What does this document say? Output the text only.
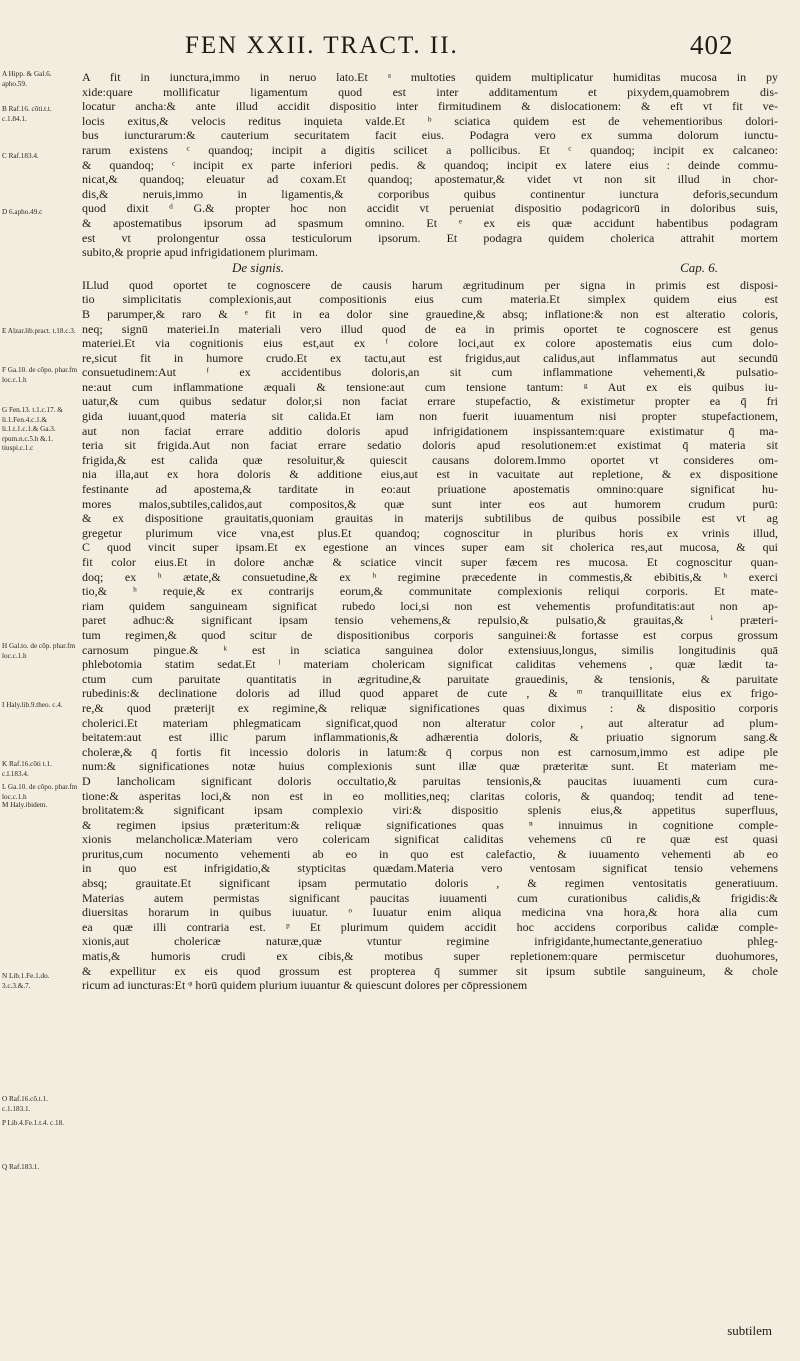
FEN XXII. TRACT. II.	402
A Hipp. & Gal.6. apho.59.
B Raf.16. cōti.t.t. c.1.84.1.
C Raf.183.4.
D 6.apho.49.c
E Alzar.lib.pract. t.18.c.3.
F Ga.10. de cōpo. phar.fm loc.c.1.h
G Fen.13. t.1.c.17. & li.1.Fen.4.c.1.& li.1.t.1.c.1.& Ga.3. rpum.n.c.5.h &.1. tiuspi.c.1.c
H Gal.to. de cōp. phar.fm loc.c.1.h
I Haly.lib.9.theo. c.4.
K Raf.16.cōti t.1. c.l.183.4.
L Ga.10. de cōpo. phar.fm loc.c.1.h
M Haly.ibidem.
N Lib.1.Fe.1.do. 3.c.3.&.7.
O Raf.16.cō.t.1. c.1.183.1.
P Lib.4.Fe.1.t.4. c.18.
Q Raf.183.1.
A fit in iunctura,immo in neruo lato.Et ᵃ multoties quidem multiplicatur humiditas mucosa in py
xide:quare mollificatur ligamentum quod est inter additamentum et pixydem,quamobrem dis-
locatur ancha:& ante illud accidit dispositio inter firmitudinem & dislocationem: & eft vt fit ve-
locis exitus,& velocis reditus inquieta valde.Et ᵇ sciatica quidem est de vehementioribus dolori-
bus iuncturarum:& cauterium securitatem facit eius. Podagra vero ex summa dolorum iunctu-
rarum existens ᶜ quandoq; incipit a digitis scilicet a pollicibus. Et ᶜ quandoq; incipit ex calcaneo:
& quandoq; ᶜ incipit ex parte inferiori pedis. & quandoq; incipit ex latere eius : deinde commu-
nicat,& quandoq; eleuatur ad coxam.Et quandoq; apostematur,& videt vt non sit illud in chor-
dis,& neruis,immo in ligamentis,& corporibus quibus continentur iunctura deforis,secundum
quod dixit ᵈ G.& propter hoc non accidit vt perueniat dispositio podagricorū in doloribus suis,
& apostematibus ipsorum ad spasmum omnino. Et ᵉ ex eis quæ accidunt habentibus podagram
est vt prolongentur ossa testiculorum ipsorum. Et podagra quidem cholerica attrahit mortem
subito,& proprie apud infrigidationem plurimam.
De signis.	Cap. 6.
ILlud quod oportet te cognoscere de causis harum ægritudinum per signa in primis est disposi-
tio simplicitatis complexionis,aut compositionis eius cum materia.Et simplex quidem eius est
B parumper,& raro & ᵉ fit in ea dolor sine grauedine,& absq; inflatione:& non est alteratio coloris,
neq; signū materiei.In materiali vero illud quod de ea in primis oportet te cognoscere est genus
materiei.Et via cognitionis eius est,aut ex ᶠ colore loci,aut ex colore apostematis eius cum dolo-
re,sicut fit in humore crudo.Et ex tactu,aut est frigidus,aut calidus,aut inflammatus aut secundū
consuetudinem:Aut ᶠ ex accidentibus doloris,an sit cum inflammatione vehementi,& pulsatio-
ne:aut cum inflammatione æquali & tensione:aut cum tensione tantum: ᵍ Aut ex eis quibus iu-
uatur,& cum quibus sedatur dolor,si non faciat errare stupefactio, & existimetur propter ea q̄ fri
gida iuuant,quod materia sit calida.Et iam non fuerit iuuamentum nisi propter stupefactionem,
aut non faciat errare additio doloris apud infrigidationem inspissantem:quare existimatur q̄ ma-
teria sit frigida.Aut non faciat errare sedatio doloris apud resolutionem:et existimat q̄ materia sit
frigida,& est calida quæ resoluitur,& quiescit causans dolorem.Immo oportet vt consideres om-
nia illa,aut ex hora doloris & additione eius,aut est in vacuitate aut repletione, & ex dispositione
festinante ad apostema,& tarditate in eo:aut priuatione apostematis omnino:quare significat hu-
mores malos,subtiles,calidos,aut compositos,& quæ sunt inter eos aut humorem crudum purū:
& ex dispositione grauitatis,quoniam grauitas in materijs subtilibus de quibus possibile est vt ag
gregetur plurimum vice vna,est plus.Et quandoq; cognoscitur in pluribus horis ex vrinis illud,
C quod vincit super ipsam.Et ex egestione an vinces super eam sit cholerica res,aut mucosa, & qui
fit color eius.Et in dolore anchæ & sciatice vincit super fæcem res mucosa. Et cognoscitur quan-
doq; ex ʰ ætate,& consuetudine,& ex ʰ regimine præcedente in commestis,& ebibitis,& ʰ exerci
tio,& ʰ requie,& ex contrarijs eorum,& communitate complexionis reliqui corporis. Et mate-
riam quidem sanguineam significat rubedo loci,si non est vehementis profunditatis:aut non ap-
paret adhuc:& significant ipsam tensio vehemens,& repulsio,& pulsatio,& grauitas,& ⁱ præteri-
tum regimen,& quod scitur de dispositionibus corporis sanguinei:& fortasse est corpus grossum
carnosum pingue.& ᵏ est in sciatica sanguinea dolor extensiuus,longus, similis longitudinis quā
phlebotomia statim sedat.Et ˡ materiam cholericam significat caliditas vehemens , quæ lædit ta-
ctum cum paruitate quantitatis in ægritudine,& paruitate grauedinis, & tensionis, & paruitate
rubedinis:& declinatione doloris ad illud quod apparet de cute , & ᵐ tranquillitate eius ex frigo-
re,& quod præterijt ex regimine,& reliquæ significationes quas diximus : & dispositio corporis
cholerici.Et materiam phlegmaticam significat,quod non alteratur color , aut alteratur ad plum-
beitatem:aut est illic parum inflammationis,& adhærentia doloris, & priuatio signorum sang.&
choleræ,& q̄ fortis fit incessio doloris in latum:& q̄ corpus non est carnosum,immo est adipe ple
num:& significationes notæ huius complexionis sunt illæ quæ præteritæ sunt. Et materiam me-
D lancholicam significant doloris occultatio,& paruitas tensionis,& paucitas iuuamenti cum cura-
tione:& asperitas loci,& non est in eo mollities,neq; claritas coloris, & quandoq; tendit ad tene-
brolitatem:& significant ipsam complexio viri:& dispositio splenis eius,& appetitus superfluus,
& regimen ipsius præteritum:& reliquæ significationes quas ⁿ innuimus in cognitione comple-
xionis melancholicæ.Materiam vero colericam significat caliditas vehemens cū re quæ est quasi
pruritus,cum nocumento vehementi ab eo in quo est calefactio, & iuuamento vehementi ab eo
in quo est infrigidatio,& stypticitas quædam.Materia vero ventosam significat tensio vehemens
absq; grauitate.Et significant ipsam permutatio doloris , & regimen ventositatis generatiuum.
Materias autem permistas significant paucitas iuuamenti cum curationibus calidis,& frigidis:&
diuersitas horarum in quibus iuuatur. ᵒ Iuuatur enim aliqua medicina vna hora,& hora alia cum
ea quæ illi contraria est. ᵖ Et plurimum quidem accidit hoc accidens corporibus calidæ comple-
xionis,aut cholericæ naturæ,quæ vtuntur regimine infrigidante,humectante,generatiuo phleg-
matis,& humoris crudi ex cibis,& motibus super repletionem:quare permiscetur duohumores,
& expellitur ex eis quod grossum est propterea q̄ summer sit ipsum subtile sanguineum, & chole
ricum ad iuncturas:Et ᵠ horū quidem plurium iuuantur & quiescunt dolores per cōpressionem
subtilem
